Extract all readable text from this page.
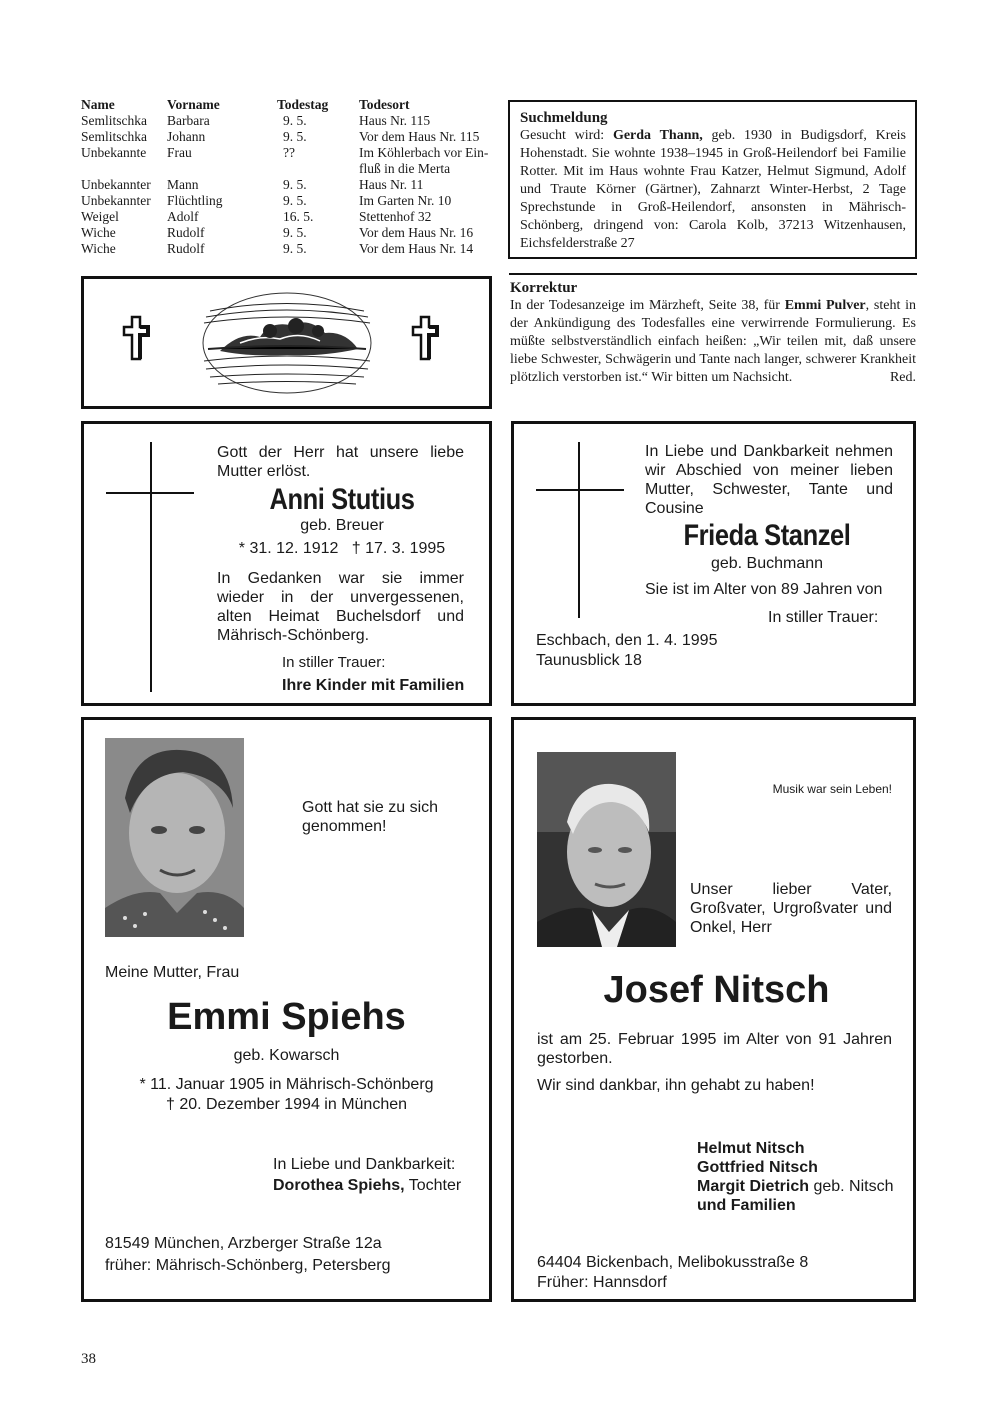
Name	Vorname	Todestag	Todesort
Semlitschka	Barbara	9. 5.	Haus Nr. 115
Semlitschka	Johann	9. 5.	Vor dem Haus Nr. 115
Unbekannte	Frau	??	Im Köhlerbach vor Ein-
fluß in die Merta
Unbekannter	Mann	9. 5.	Haus Nr. 11
Unbekannter	Flüchtling	9. 5.	Im Garten Nr. 10
Weigel	Adolf	16. 5.	Stettenhof 32
Wiche	Rudolf	9. 5.	Vor dem Haus Nr. 16
Wiche	Rudolf	9. 5.	Vor dem Haus Nr. 14
Suchmeldung
Gesucht wird: Gerda Thann, geb. 1930 in Budigsdorf, Kreis Hohenstadt. Sie wohnte 1938–1945 in Groß-Heilendorf bei Familie Rotter. Mit im Haus wohnte Frau Katzer, Helmut Sigmund, Adolf und Traute Körner (Gärtner), Zahnarzt Winter-Herbst, 2 Tage Sprechstunde in Groß-Heilendorf, ansonsten in Mährisch-Schönberg, dringend von: Carola Kolb, 37213 Witzenhausen, Eichsfelderstraße 27
Korrektur
In der Todesanzeige im Märzheft, Seite 38, für Emmi Pulver, steht in der Ankündigung des Todesfalles eine verwirrende Formulierung. Es müßte selbstverständlich einfach heißen: „Wir teilen mit, daß unsere liebe Schwester, Schwägerin und Tante nach langer, schwerer Krankheit plötzlich verstorben ist.“ Wir bitten um Nachsicht.	Red.
Gott der Herr hat unsere liebe Mutter erlöst.
Anni Stutius
geb. Breuer
* 31. 12. 1912   † 17. 3. 1995
In Gedanken war sie immer wieder in der unvergessenen, alten Heimat Buchelsdorf und Mährisch-Schönberg.
In stiller Trauer:
Ihre Kinder mit Familien
In Liebe und Dankbarkeit nehmen wir Abschied von meiner lieben Mutter, Schwester, Tante und Cousine
Frieda Stanzel
geb. Buchmann
Sie ist im Alter von 89 Jahren von
In stiller Trauer:
Eschbach, den 1. 4. 1995
Taunusblick 18
Gott hat sie zu sich genommen!
Meine Mutter, Frau
Emmi Spiehs
geb. Kowarsch
* 11. Januar 1905 in Mährisch-Schönberg
† 20. Dezember 1994 in München
In Liebe und Dankbarkeit:
Dorothea Spiehs, Tochter
81549 München, Arzberger Straße 12a
früher: Mährisch-Schönberg, Petersberg
Musik war sein Leben!
Unser lieber Vater, Großvater, Urgroßvater und Onkel, Herr
Josef Nitsch
ist am 25. Februar 1995 im Alter von 91 Jahren gestorben.
Wir sind dankbar, ihn gehabt zu haben!
Helmut Nitsch
Gottfried Nitsch
Margit Dietrich geb. Nitsch
und Familien
64404 Bickenbach, Melibokusstraße 8
Früher: Hannsdorf
38
